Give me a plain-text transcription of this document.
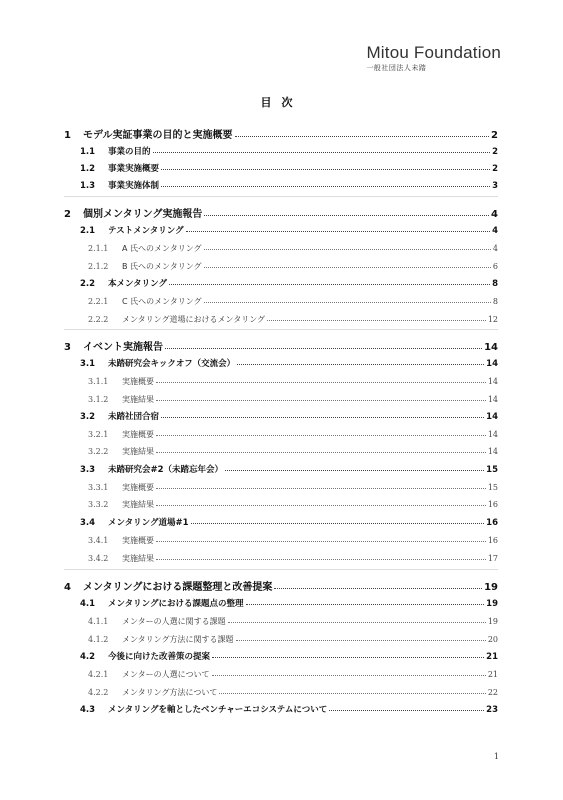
Mitou Foundation
一般社団法人未踏
目次
1	モデル実証事業の目的と実施概要	2
1.1	事業の目的	2
1.2	事業実施概要	2
1.3	事業実施体制	3
2	個別メンタリング実施報告	4
2.1	テストメンタリング	4
2.1.1	A 氏へのメンタリング	4
2.1.2	B 氏へのメンタリング	6
2.2	本メンタリング	8
2.2.1	C 氏へのメンタリング	8
2.2.2	メンタリング道場におけるメンタリング	12
3	イベント実施報告	14
3.1	未踏研究会キックオフ（交流会）	14
3.1.1	実施概要	14
3.1.2	実施結果	14
3.2	未踏社団合宿	14
3.2.1	実施概要	14
3.2.2	実施結果	14
3.3	未踏研究会#2（未踏忘年会）	15
3.3.1	実施概要	15
3.3.2	実施結果	16
3.4	メンタリング道場#1	16
3.4.1	実施概要	16
3.4.2	実施結果	17
4	メンタリングにおける課題整理と改善提案	19
4.1	メンタリングにおける課題点の整理	19
4.1.1	メンターの人選に関する課題	19
4.1.2	メンタリング方法に関する課題	20
4.2	今後に向けた改善策の提案	21
4.2.1	メンターの人選について	21
4.2.2	メンタリング方法について	22
4.3	メンタリングを軸としたベンチャーエコシステムについて	23
1
